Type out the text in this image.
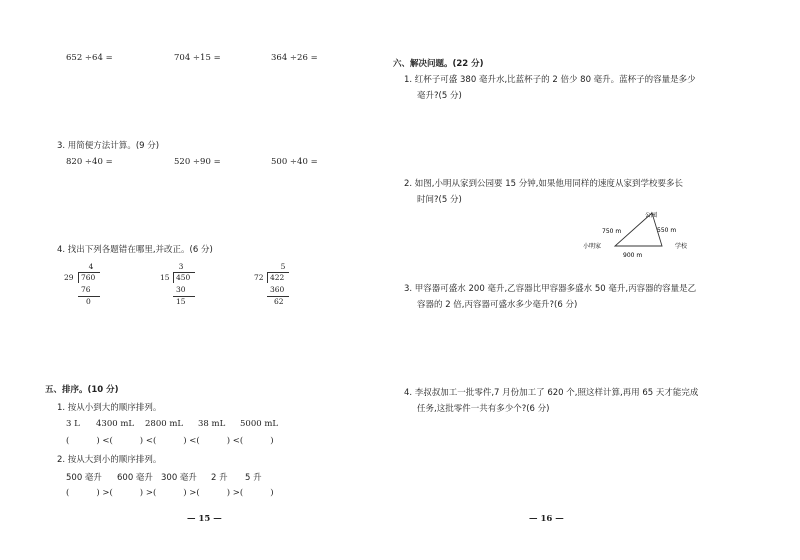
652 ÷64 =	704 ÷15 =	364 ÷26 =
3. 用简便方法计算。(9 分)
820 ÷40 =	520 ÷90 =	500 ÷40 =
4. 找出下列各题错在哪里,并改正。(6 分)
4
29 760
76
0
3
15 450
30
15
5
72 422
360
62
五、排序。(10 分)
1. 按从小到大的顺序排列。
3 L 4300 mL 2800 mL 38 mL 5000 mL
(          ) <(          ) <(          ) <(          ) <(          )
2. 按从大到小的顺序排列。
500 毫升 600 毫升 300 毫升 2 升 5 升
(          ) >(          ) >(          ) >(          ) >(          )
— 15 —
六、解决问题。(22 分)
1. 红杯子可盛 380 毫升水,比蓝杯子的 2 倍少 80 毫升。蓝杯子的容量是多少
毫升?(5 分)
2. 如图,小明从家到公园要 15 分钟,如果他用同样的速度从家到学校要多长
时间?(5 分)
公园
小明家	学校
750 m	550 m
900 m
3. 甲容器可盛水 200 毫升,乙容器比甲容器多盛水 50 毫升,丙容器的容量是乙
容器的 2 倍,丙容器可盛水多少毫升?(6 分)
4. 李叔叔加工一批零件,7 月份加工了 620 个,照这样计算,再用 65 天才能完成
任务,这批零件一共有多少个?(6 分)
— 16 —
